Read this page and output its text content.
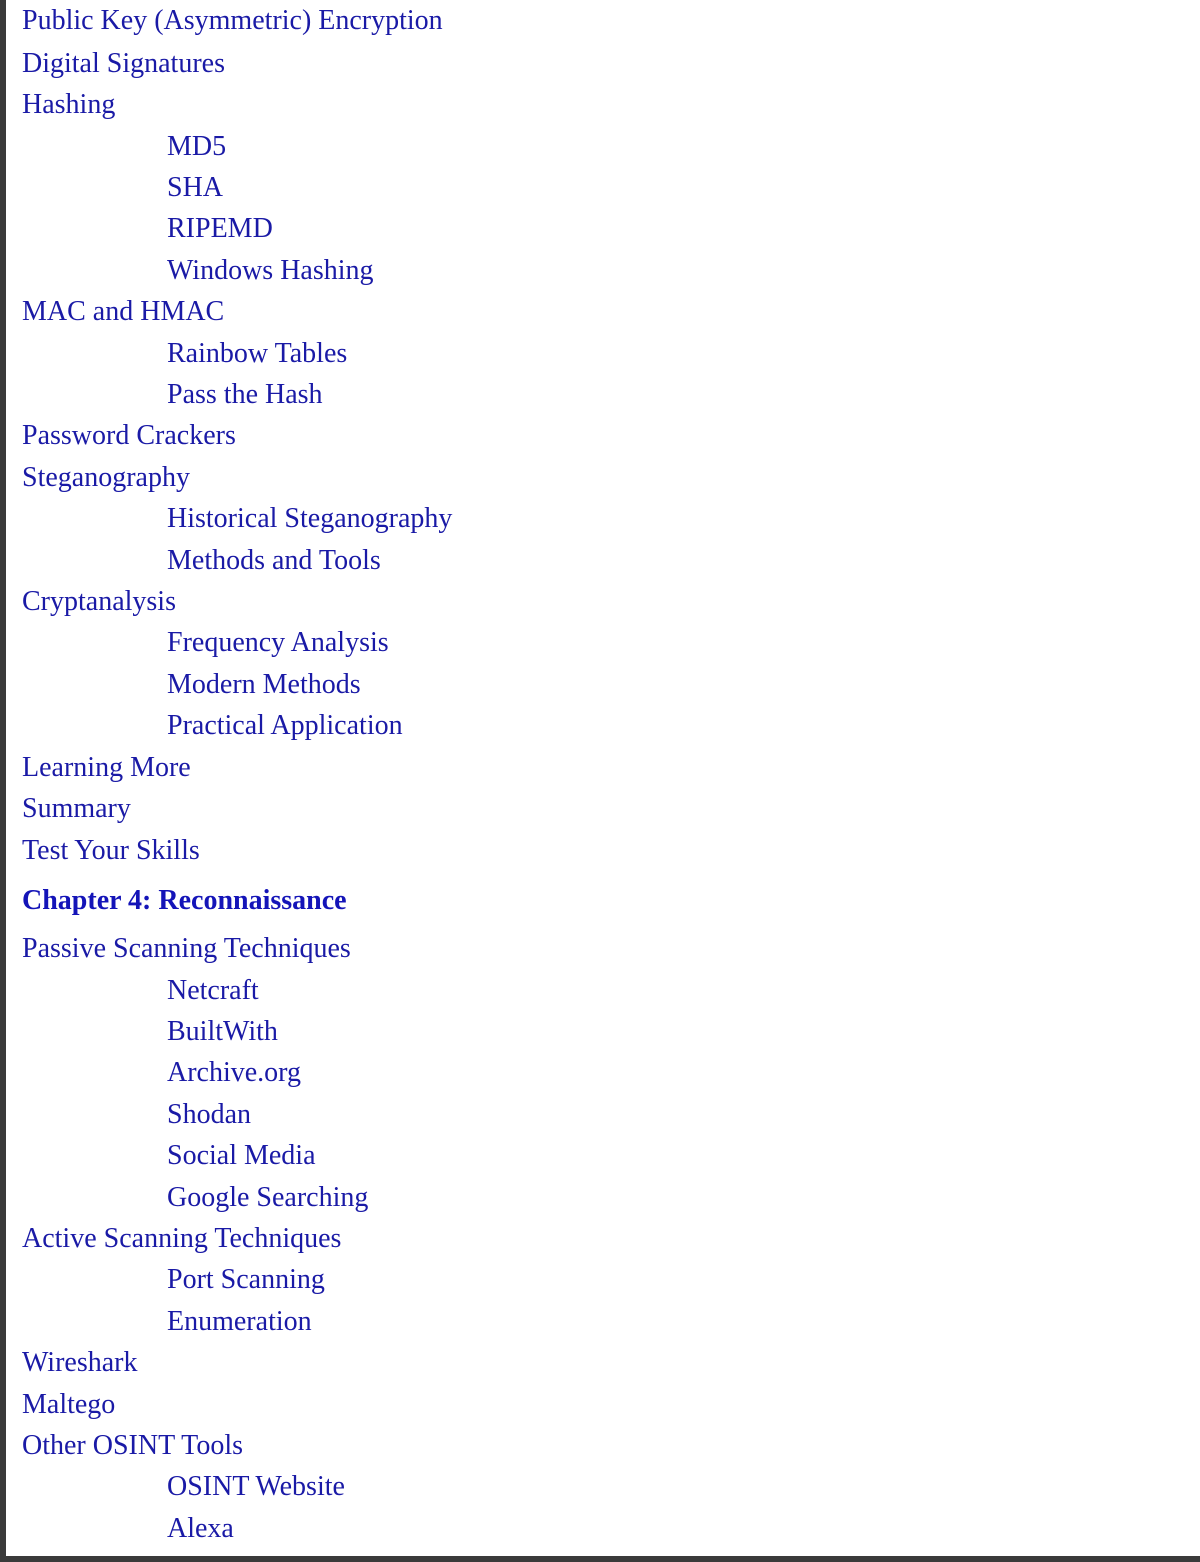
Public Key (Asymmetric) Encryption
Digital Signatures
Hashing
MD5
SHA
RIPEMD
Windows Hashing
MAC and HMAC
Rainbow Tables
Pass the Hash
Password Crackers
Steganography
Historical Steganography
Methods and Tools
Cryptanalysis
Frequency Analysis
Modern Methods
Practical Application
Learning More
Summary
Test Your Skills
Chapter 4: Reconnaissance
Passive Scanning Techniques
Netcraft
BuiltWith
Archive.org
Shodan
Social Media
Google Searching
Active Scanning Techniques
Port Scanning
Enumeration
Wireshark
Maltego
Other OSINT Tools
OSINT Website
Alexa
